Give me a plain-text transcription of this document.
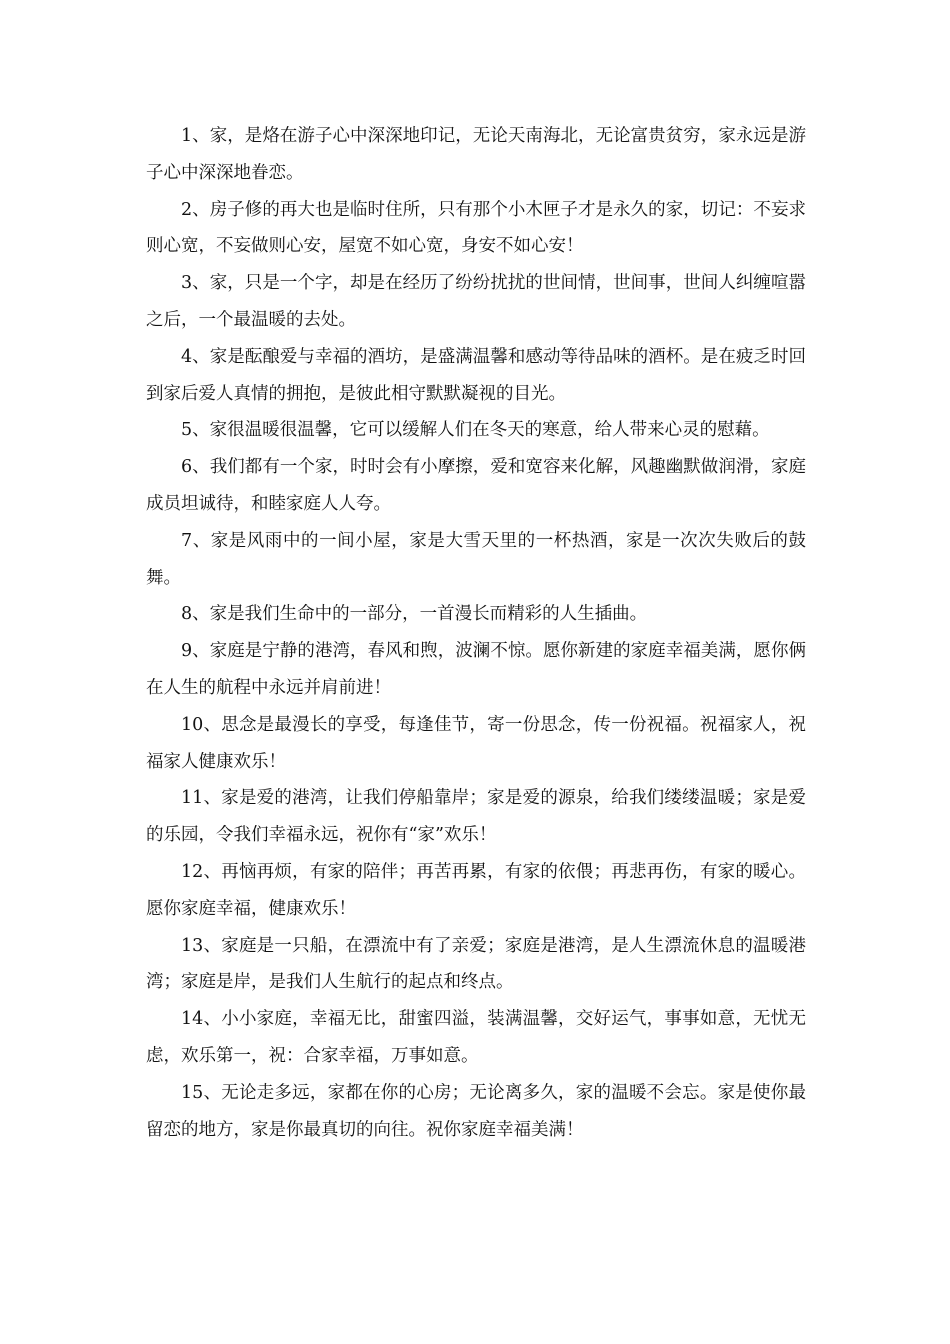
1、家，是烙在游子心中深深地印记，无论天南海北，无论富贵贫穷，家永远是游子心中深深地眷恋。

2、房子修的再大也是临时住所，只有那个小木匣子才是永久的家，切记：不妄求则心宽，不妄做则心安，屋宽不如心宽，身安不如心安！

3、家，只是一个字，却是在经历了纷纷扰扰的世间情，世间事，世间人纠缠喧嚣之后，一个最温暖的去处。

4、家是酝酿爱与幸福的酒坊，是盛满温馨和感动等待品味的酒杯。是在疲乏时回到家后爱人真情的拥抱，是彼此相守默默凝视的目光。

5、家很温暖很温馨，它可以缓解人们在冬天的寒意，给人带来心灵的慰藉。

6、我们都有一个家，时时会有小摩擦，爱和宽容来化解，风趣幽默做润滑，家庭成员坦诚待，和睦家庭人人夸。

7、家是风雨中的一间小屋，家是大雪天里的一杯热酒，家是一次次失败后的鼓舞。

8、家是我们生命中的一部分，一首漫长而精彩的人生插曲。

9、家庭是宁静的港湾，春风和煦，波澜不惊。愿你新建的家庭幸福美满，愿你俩在人生的航程中永远并肩前进！

10、思念是最漫长的享受，每逢佳节，寄一份思念，传一份祝福。祝福家人，祝福家人健康欢乐！

11、家是爱的港湾，让我们停船靠岸；家是爱的源泉，给我们缕缕温暖；家是爱的乐园，令我们幸福永远，祝你有“家”欢乐！

12、再恼再烦，有家的陪伴；再苦再累，有家的依偎；再悲再伤，有家的暖心。愿你家庭幸福，健康欢乐！

13、家庭是一只船，在漂流中有了亲爱；家庭是港湾，是人生漂流休息的温暖港湾；家庭是岸，是我们人生航行的起点和终点。

14、小小家庭，幸福无比，甜蜜四溢，装满温馨，交好运气，事事如意，无忧无虑，欢乐第一，祝：合家幸福，万事如意。

15、无论走多远，家都在你的心房；无论离多久，家的温暖不会忘。家是使你最留恋的地方，家是你最真切的向往。祝你家庭幸福美满！
